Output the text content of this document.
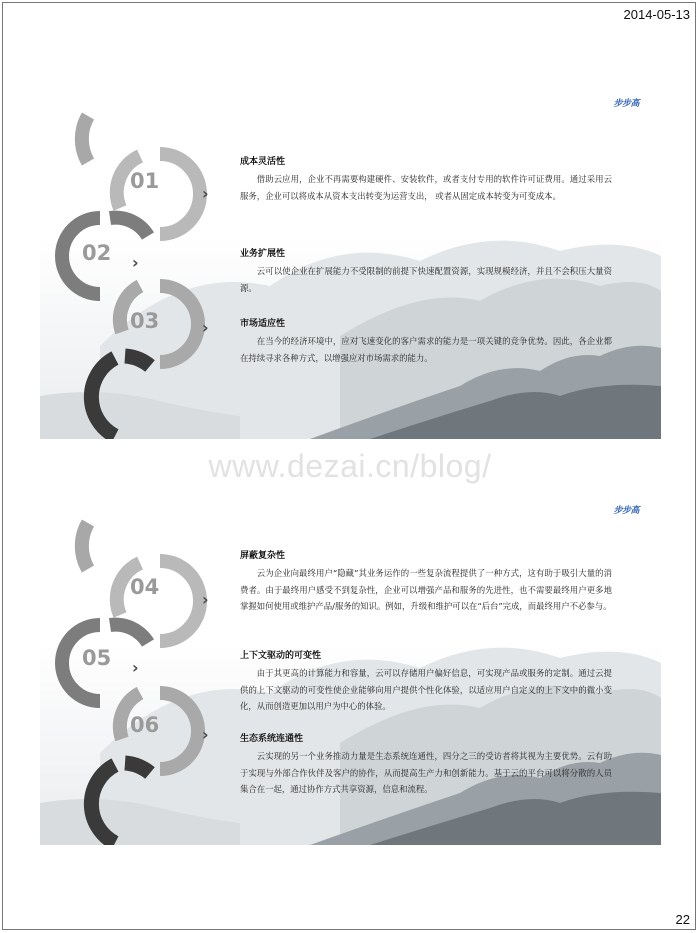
2014-05-13
步步高
01
02
03
›
›
›
成本灵活性
借助云应用，企业不再需要构建硬件、安装软件，或者支付专用的软件许可证费用。通过采用云服务，企业可以将成本从资本支出转变为运营支出， 或者从固定成本转变为可变成本。
业务扩展性
云可以使企业在扩展能力不受限制的前提下快速配置资源，实现规模经济，并且不会积压大量资源。
市场适应性
在当今的经济环境中，应对飞速变化的客户需求的能力是一项关键的竞争优势。因此，各企业都在持续寻求各种方式，以增强应对市场需求的能力。
www.dezai.cn/blog/
步步高
04
05
06
›
›
›
屏蔽复杂性
云为企业向最终用户“隐藏”其业务运作的一些复杂流程提供了一种方式，这有助于吸引大量的消费者。由于最终用户感受不到复杂性，企业可以增强产品和服务的先进性，也不需要最终用户更多地掌握如何使用或维护产品/服务的知识。例如，升级和维护可以在“后台”完成，而最终用户不必参与。
上下文驱动的可变性
由于其更高的计算能力和容量，云可以存储用户偏好信息，可实现产品或服务的定制。通过云提供的上下文驱动的可变性使企业能够向用户提供个性化体验，以适应用户自定义的上下文中的微小变化，从而创造更加以用户为中心的体验。
生态系统连通性
云实现的另一个业务推动力量是生态系统连通性，四分之三的受访者将其视为主要优势。云有助于实现与外部合作伙伴及客户的协作，从而提高生产力和创新能力。基于云的平台可以将分散的人员集合在一起，通过协作方式共享资源，信息和流程。
22
